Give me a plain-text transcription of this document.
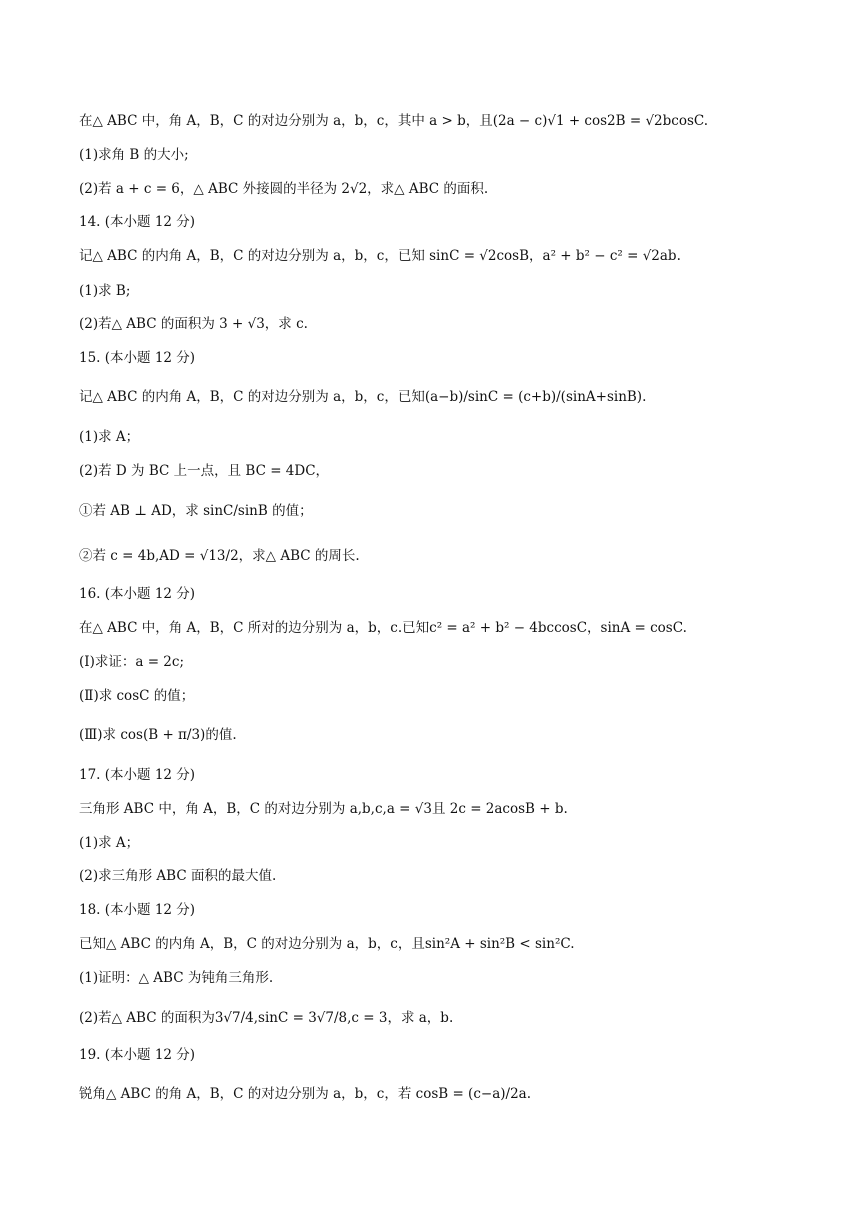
在△ ABC 中，角 A，B，C 的对边分别为 a，b，c，其中 a > b，且(2a − c)√1 + cos2B = √2bcosC.
(1)求角 B 的大小;
(2)若 a + c = 6，△ ABC 外接圆的半径为 2√2，求△ ABC 的面积.
14. (本小题 12 分)
记△ ABC 的内角 A，B，C 的对边分别为 a，b，c，已知 sinC = √2cosB，a² + b² − c² = √2ab.
(1)求 B;
(2)若△ ABC 的面积为 3 + √3，求 c.
15. (本小题 12 分)
记△ ABC 的内角 A，B，C 的对边分别为 a，b，c，已知(a−b)/sinC = (c+b)/(sinA+sinB).
(1)求 A；
(2)若 D 为 BC 上一点，且 BC = 4DC，
①若 AB ⊥ AD，求 sinC/sinB 的值；
②若 c = 4b,AD = √13/2，求△ ABC 的周长.
16. (本小题 12 分)
在△ ABC 中，角 A，B，C 所对的边分别为 a，b，c.已知c² = a² + b² − 4bccosC，sinA = cosC.
(Ⅰ)求证：a = 2c;
(Ⅱ)求 cosC 的值；
(Ⅲ)求 cos(B + π/3)的值.
17. (本小题 12 分)
三角形 ABC 中，角 A，B，C 的对边分别为 a,b,c,a = √3且 2c = 2acosB + b.
(1)求 A；
(2)求三角形 ABC 面积的最大值.
18. (本小题 12 分)
已知△ ABC 的内角 A，B，C 的对边分别为 a，b，c，且sin²A + sin²B < sin²C.
(1)证明：△ ABC 为钝角三角形.
(2)若△ ABC 的面积为3√7/4,sinC = 3√7/8,c = 3，求 a，b.
19. (本小题 12 分)
锐角△ ABC 的角 A，B，C 的对边分别为 a，b，c，若 cosB = (c−a)/2a.
